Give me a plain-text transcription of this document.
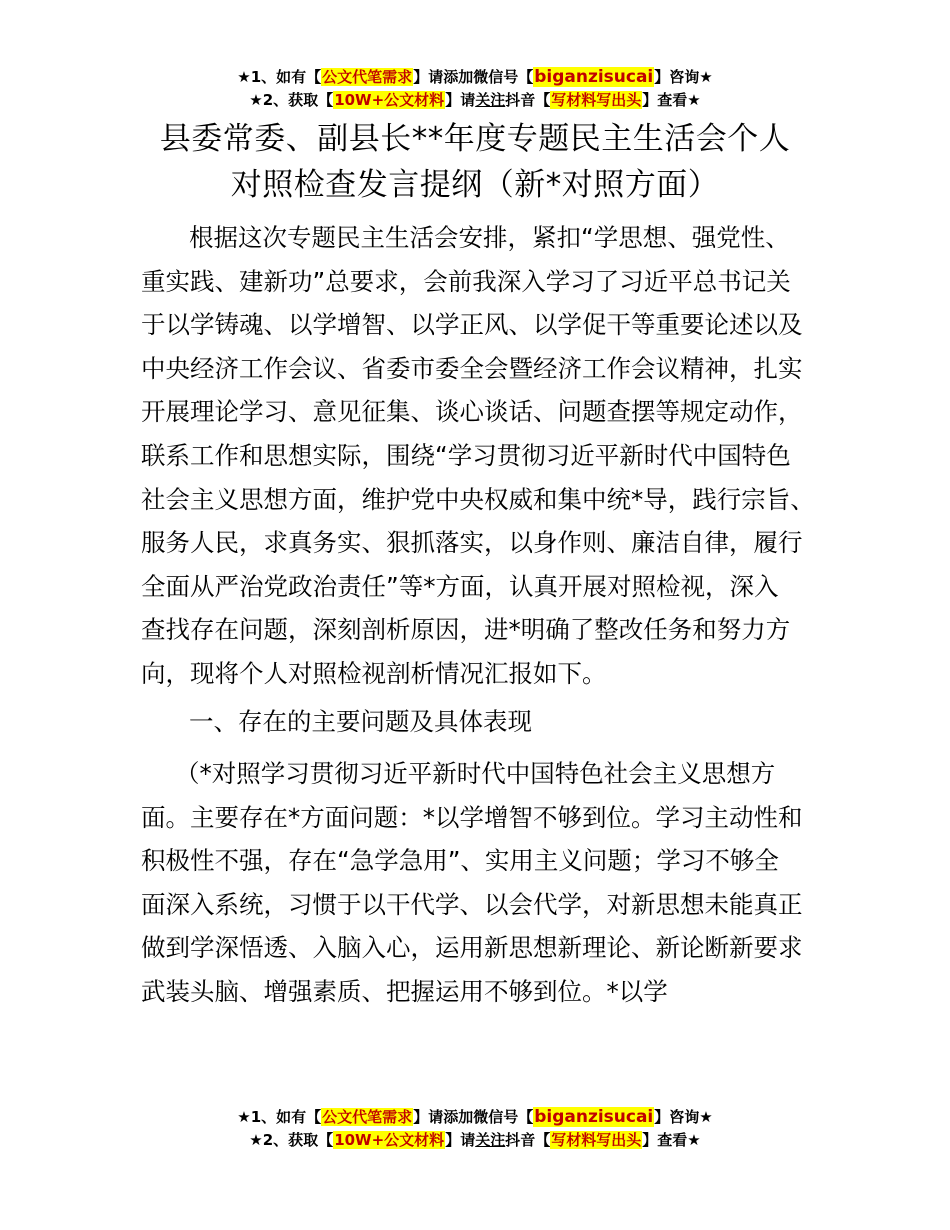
★1、如有【公文代笔需求】请添加微信号【biganzisucai】咨询★
★2、获取【10W+公文材料】请关注抖音【写材料写出头】查看★
县委常委、副县长**年度专题民主生活会个人
对照检查发言提纲（新*对照方面）
根据这次专题民主生活会安排，紧扣“学思想、强党性、
重实践、建新功”总要求，会前我深入学习了习近平总书记关
于以学铸魂、以学增智、以学正风、以学促干等重要论述以及
中央经济工作会议、省委市委全会暨经济工作会议精神，扎实
开展理论学习、意见征集、谈心谈话、问题查摆等规定动作，
联系工作和思想实际，围绕“学习贯彻习近平新时代中国特色
社会主义思想方面，维护党中央权威和集中统*导，践行宗旨、
服务人民，求真务实、狠抓落实，以身作则、廉洁自律，履行
全面从严治党政治责任”等*方面，认真开展对照检视，深入
查找存在问题，深刻剖析原因，进*明确了整改任务和努力方
向，现将个人对照检视剖析情况汇报如下。
一、存在的主要问题及具体表现
（*对照学习贯彻习近平新时代中国特色社会主义思想方
面。主要存在*方面问题：*以学增智不够到位。学习主动性和
积极性不强，存在“急学急用”、实用主义问题；学习不够全
面深入系统，习惯于以干代学、以会代学，对新思想未能真正
做到学深悟透、入脑入心，运用新思想新理论、新论断新要求
武装头脑、增强素质、把握运用不够到位。*以学
★1、如有【公文代笔需求】请添加微信号【biganzisucai】咨询★
★2、获取【10W+公文材料】请关注抖音【写材料写出头】查看★
